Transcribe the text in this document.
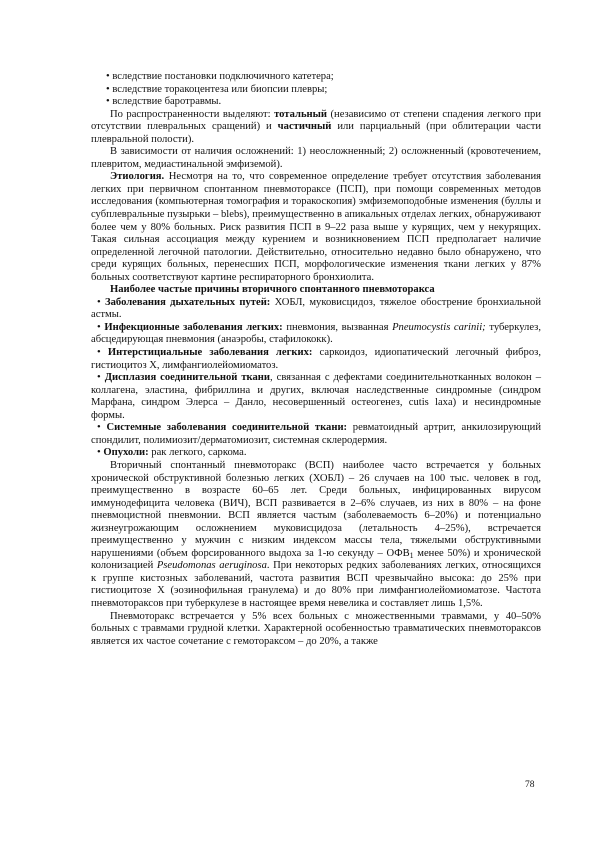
• вследствие постановки подключичного катетера;

• вследствие торакоцентеза или биопсии плевры;

• вследствие баротравмы.

По распространенности выделяют: тотальный (независимо от степени спадения легкого при отсутствии плевральных сращений) и частичный или парциальный (при облитерации части плевральной полости).

В зависимости от наличия осложнений: 1) неосложненный; 2) осложненный (кровотечением, плевритом, медиастинальной эмфиземой).

Этиология. Несмотря на то, что современное определение требует отсутствия заболевания легких при первичном спонтанном пневмотораксе (ПСП), при помощи современных методов исследования (компьютерная томография и торакоскопия) эмфиземоподобные изменения (буллы и субплевральные пузырьки – blebs), преимущественно в апикальных отделах легких, обнаруживают более чем у 80% больных. Риск развития ПСП в 9–22 раза выше у курящих, чем у некурящих. Такая сильная ассоциация между курением и возникновением ПСП предполагает наличие определенной легочной патологии. Действительно, относительно недавно было обнаружено, что среди курящих больных, перенесших ПСП, морфологические изменения ткани легких у 87% больных соответствуют картине респираторного бронхиолита.

Наиболее частые причины вторичного спонтанного пневмоторакса

• Заболевания дыхательных путей: ХОБЛ, муковисцидоз, тяжелое обострение бронхиальной астмы.

• Инфекционные заболевания легких: пневмония, вызванная Pneumocystis carinii; туберкулез, абсцедирующая пневмония (анаэробы, стафилококк).

• Интерстициальные заболевания легких: саркоидоз, идиопатический легочный фиброз, гистиоцитоз X, лимфангиолейомиоматоз.

• Дисплазия соединительной ткани, связанная с дефектами соединительнотканных волокон – коллагена, эластина, фибриллина и других, включая наследственные синдромные (синдром Марфана, синдром Элерса – Данло, несовершенный остеогенез, cutis laxa) и несиндромные формы.

• Системные заболевания соединительной ткани: ревматоидный артрит, анкилозирующий спондилит, полимиозит/дерматомиозит, системная склеродермия.

• Опухоли: рак легкого, саркома.

Вторичный спонтанный пневмоторакс (ВСП) наиболее часто встречается у больных хронической обструктивной болезнью легких (ХОБЛ) – 26 случаев на 100 тыс. человек в год, преимущественно в возрасте 60–65 лет. Среди больных, инфицированных вирусом иммунодефицита человека (ВИЧ), ВСП развивается в 2–6% случаев, из них в 80% – на фоне пневмоцистной пневмонии. ВСП является частым (заболеваемость 6–20%) и потенциально жизнеугрожающим осложнением муковисцидоза (летальность 4–25%), встречается преимущественно у мужчин с низким индексом массы тела, тяжелыми обструктивными нарушениями (объем форсированного выдоха за 1-ю секунду – $ОФВ_1$ менее 50%) и хронической колонизацией Pseudomonas aeruginosa. При некоторых редких заболеваниях легких, относящихся к группе кистозных заболеваний, частота развития ВСП чрезвычайно высока: до 25% при гистиоцитозе X (эозинофильная гранулема) и до 80% при лимфангиолейомиоматозе. Частота пневмотораксов при туберкулезе в настоящее время невелика и составляет лишь 1,5%.

Пневмоторакс встречается у 5% всех больных с множественными травмами, у 40–50% больных с травмами грудной клетки. Характерной особенностью травматических пневмотораксов является их частое сочетание с гемотораксом – до 20%, а также

78
